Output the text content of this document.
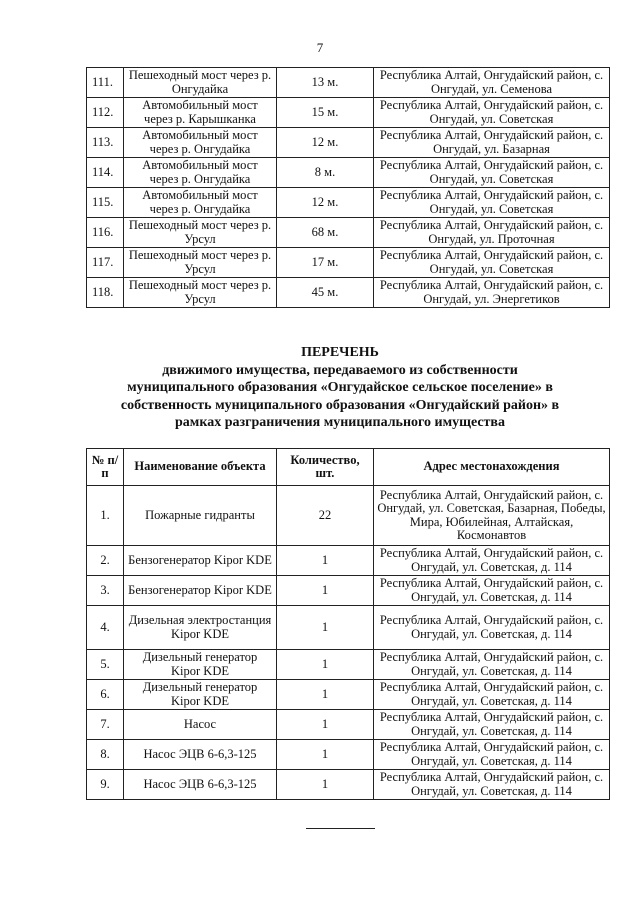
7
111.	Пешеходный мост через р. Онгудайка	13 м.	Республика Алтай, Онгудайский район, с. Онгудай, ул. Семенова
112.	Автомобильный мост через р. Карышканка	15 м.	Республика Алтай, Онгудайский район, с. Онгудай, ул. Советская
113.	Автомобильный мост через р. Онгудайка	12 м.	Республика Алтай, Онгудайский район, с. Онгудай, ул. Базарная
114.	Автомобильный мост через р. Онгудайка	8 м.	Республика Алтай, Онгудайский район, с. Онгудай, ул. Советская
115.	Автомобильный мост через р. Онгудайка	12 м.	Республика Алтай, Онгудайский район, с. Онгудай, ул. Советская
116.	Пешеходный мост через р. Урсул	68 м.	Республика Алтай, Онгудайский район, с. Онгудай, ул. Проточная
117.	Пешеходный мост через р. Урсул	17 м.	Республика Алтай, Онгудайский район, с. Онгудай, ул. Советская
118.	Пешеходный мост через р. Урсул	45 м.	Республика Алтай, Онгудайский район, с. Онгудай, ул. Энергетиков
ПЕРЕЧЕНЬ
движимого имущества, передаваемого из собственности
муниципального образования «Онгудайское сельское поселение» в
собственность муниципального образования «Онгудайский район» в
рамках разграничения муниципального имущества
№ п/п	Наименование объекта	Количество, шт.	Адрес местонахождения
1.	Пожарные гидранты	22	Республика Алтай, Онгудайский район, с. Онгудай, ул. Советская, Базарная, Победы, Мира, Юбилейная, Алтайская, Космонавтов
2.	Бензогенератор Kipor KDE	1	Республика Алтай, Онгудайский район, с. Онгудай, ул. Советская, д. 114
3.	Бензогенератор Kipor KDE	1	Республика Алтай, Онгудайский район, с. Онгудай, ул. Советская, д. 114
4.	Дизельная электростанция Kipor KDE	1	Республика Алтай, Онгудайский район, с. Онгудай, ул. Советская, д. 114
5.	Дизельный генератор Kipor KDE	1	Республика Алтай, Онгудайский район, с. Онгудай, ул. Советская, д. 114
6.	Дизельный генератор Kipor KDE	1	Республика Алтай, Онгудайский район, с. Онгудай, ул. Советская, д. 114
7.	Насос	1	Республика Алтай, Онгудайский район, с. Онгудай, ул. Советская, д. 114
8.	Насос ЭЦВ 6-6,3-125	1	Республика Алтай, Онгудайский район, с. Онгудай, ул. Советская, д. 114
9.	Насос ЭЦВ 6-6,3-125	1	Республика Алтай, Онгудайский район, с. Онгудай, ул. Советская, д. 114
